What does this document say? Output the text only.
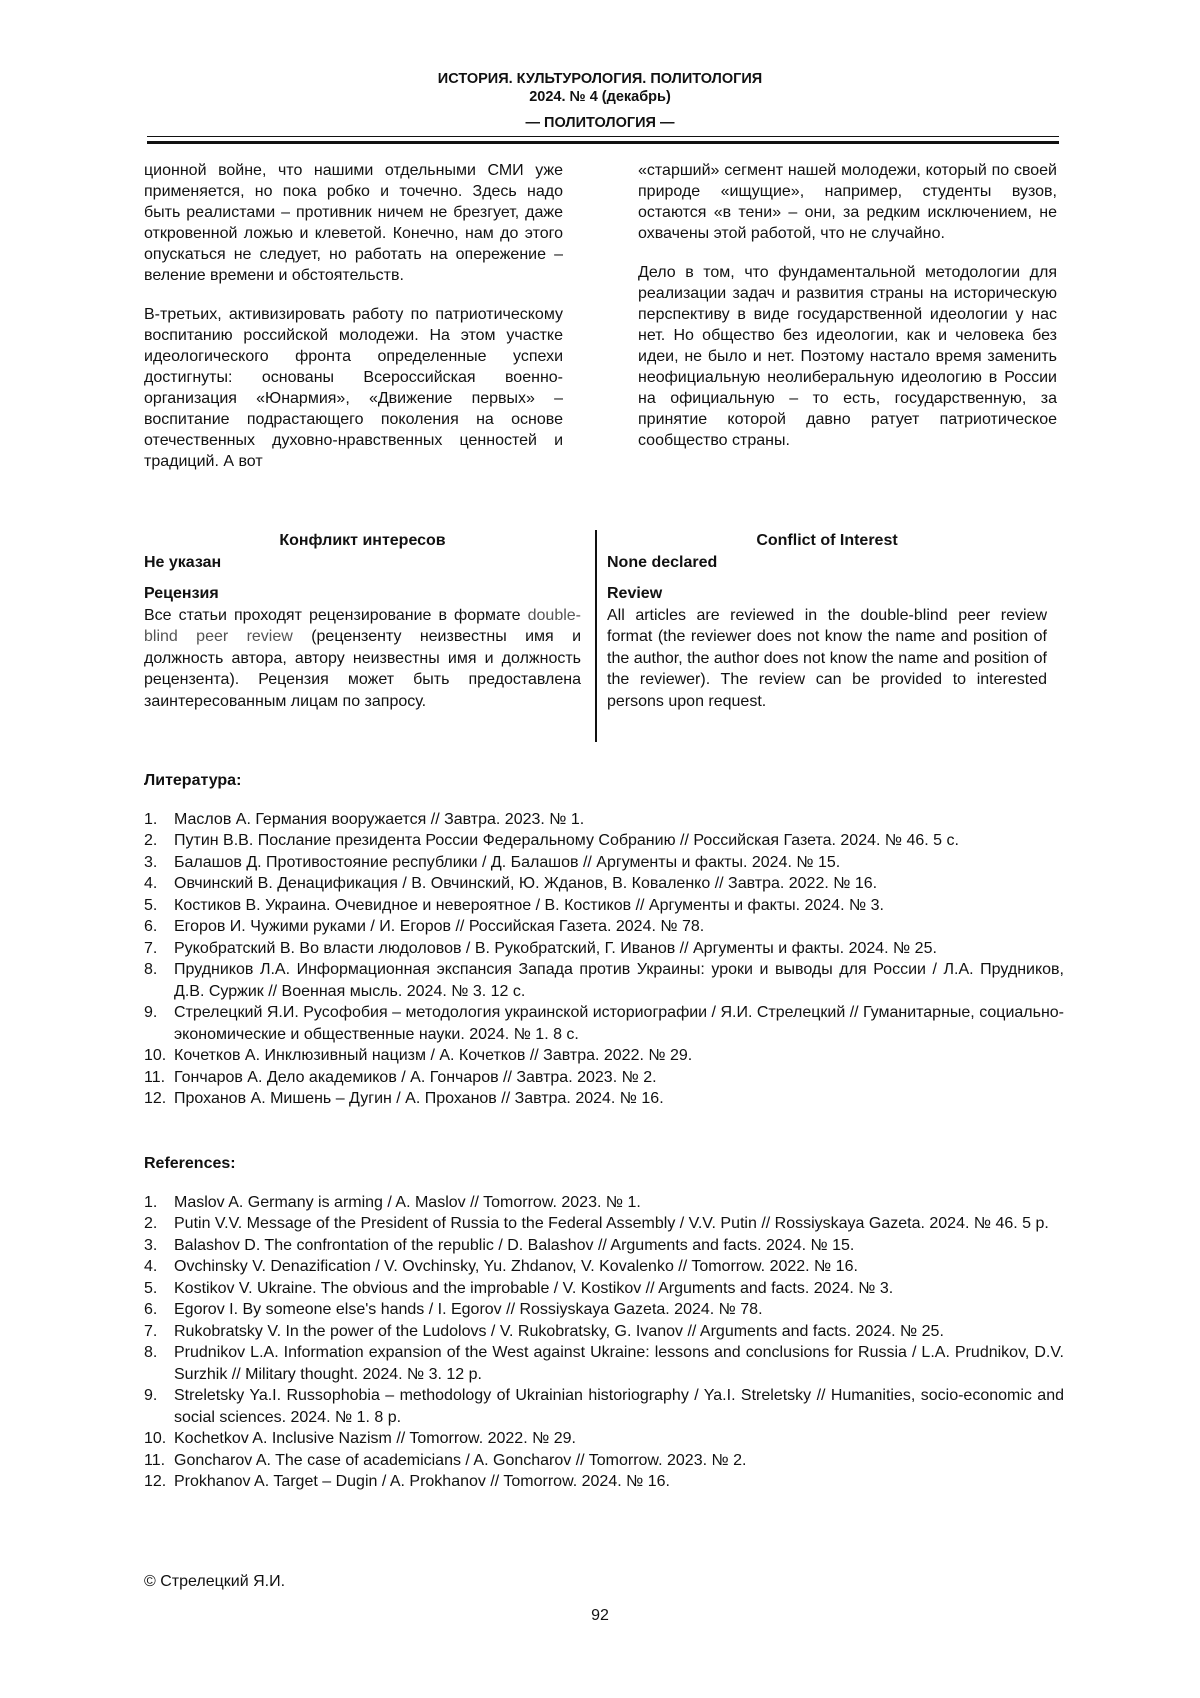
ИСТОРИЯ. КУЛЬТУРОЛОГИЯ. ПОЛИТОЛОГИЯ
2024. № 4 (декабрь)
— ПОЛИТОЛОГИЯ —

ционной войне, что нашими отдельными СМИ уже применяется, но пока робко и точечно. Здесь надо быть реалистами – противник ничем не брезгует, даже откровенной ложью и клеветой. Конечно, нам до этого опускаться не следует, но работать на опережение – веление времени и обстоятельств.

В-третьих, активизировать работу по патриотическому воспитанию российской молодежи. На этом участке идеологического фронта определенные успехи достигнуты: основаны Всероссийская военно-организация «Юнармия», «Движение первых» – воспитание подрастающего поколения на основе отечественных духовно-нравственных ценностей и традиций. А вот

«старший» сегмент нашей молодежи, который по своей природе «ищущие», например, студенты вузов, остаются «в тени» – они, за редким исключением, не охвачены этой работой, что не случайно.

Дело в том, что фундаментальной методологии для реализации задач и развития страны на историческую перспективу в виде государственной идеологии у нас нет. Но общество без идеологии, как и человека без идеи, не было и нет. Поэтому настало время заменить неофициальную неолиберальную идеологию в России на официальную – то есть, государственную, за принятие которой давно ратует патриотическое сообщество страны.

Конфликт интересов
Не указан
Рецензия
Все статьи проходят рецензирование в формате double-blind peer review (рецензенту неизвестны имя и должность автора, автору неизвестны имя и должность рецензента). Рецензия может быть предоставлена заинтересованным лицам по запросу.
Conflict of Interest
None declared
Review
All articles are reviewed in the double-blind peer review format (the reviewer does not know the name and position of the author, the author does not know the name and position of the reviewer). The review can be provided to interested persons upon request.
Литература:
1. Маслов А. Германия вооружается // Завтра. 2023. № 1.
2. Путин В.В. Послание президента России Федеральному Собранию // Российская Газета. 2024. № 46. 5 с.
3. Балашов Д. Противостояние республики / Д. Балашов // Аргументы и факты. 2024. № 15.
4. Овчинский В. Денацификация / В. Овчинский, Ю. Жданов, В. Коваленко // Завтра. 2022. № 16.
5. Костиков В. Украина. Очевидное и невероятное / В. Костиков // Аргументы и факты. 2024. № 3.
6. Егоров И. Чужими руками / И. Егоров // Российская Газета. 2024. № 78.
7. Рукобратский В. Во власти людоловов / В. Рукобратский, Г. Иванов // Аргументы и факты. 2024. № 25.
8. Прудников Л.А. Информационная экспансия Запада против Украины: уроки и выводы для России / Л.А. Прудников, Д.В. Суржик // Военная мысль. 2024. № 3. 12 с.
9. Стрелецкий Я.И. Русофобия – методология украинской историографии / Я.И. Стрелецкий // Гуманитарные, социально-экономические и общественные науки. 2024. № 1. 8 с.
10. Кочетков А. Инклюзивный нацизм / А. Кочетков // Завтра. 2022. № 29.
11. Гончаров А. Дело академиков / А. Гончаров // Завтра. 2023. № 2.
12. Проханов А. Мишень – Дугин / А. Проханов // Завтра. 2024. № 16.
References:
1. Maslov A. Germany is arming / A. Maslov // Tomorrow. 2023. № 1.
2. Putin V.V. Message of the President of Russia to the Federal Assembly / V.V. Putin // Rossiyskaya Gazeta. 2024. № 46. 5 p.
3. Balashov D. The confrontation of the republic / D. Balashov // Arguments and facts. 2024. № 15.
4. Ovchinsky V. Denazification / V. Ovchinsky, Yu. Zhdanov, V. Kovalenko // Tomorrow. 2022. № 16.
5. Kostikov V. Ukraine. The obvious and the improbable / V. Kostikov // Arguments and facts. 2024. № 3.
6. Egorov I. By someone else's hands / I. Egorov // Rossiyskaya Gazeta. 2024. № 78.
7. Rukobratsky V. In the power of the Ludolovs / V. Rukobratsky, G. Ivanov // Arguments and facts. 2024. № 25.
8. Prudnikov L.A. Information expansion of the West against Ukraine: lessons and conclusions for Russia / L.A. Prudnikov, D.V. Surzhik // Military thought. 2024. № 3. 12 p.
9. Streletsky Ya.I. Russophobia – methodology of Ukrainian historiography / Ya.I. Streletsky // Humanities, socio-economic and social sciences. 2024. № 1. 8 p.
10. Kochetkov A. Inclusive Nazism // Tomorrow. 2022. № 29.
11. Goncharov A. The case of academicians / A. Goncharov // Tomorrow. 2023. № 2.
12. Prokhanov A. Target – Dugin / A. Prokhanov // Tomorrow. 2024. № 16.
© Стрелецкий Я.И.
92
